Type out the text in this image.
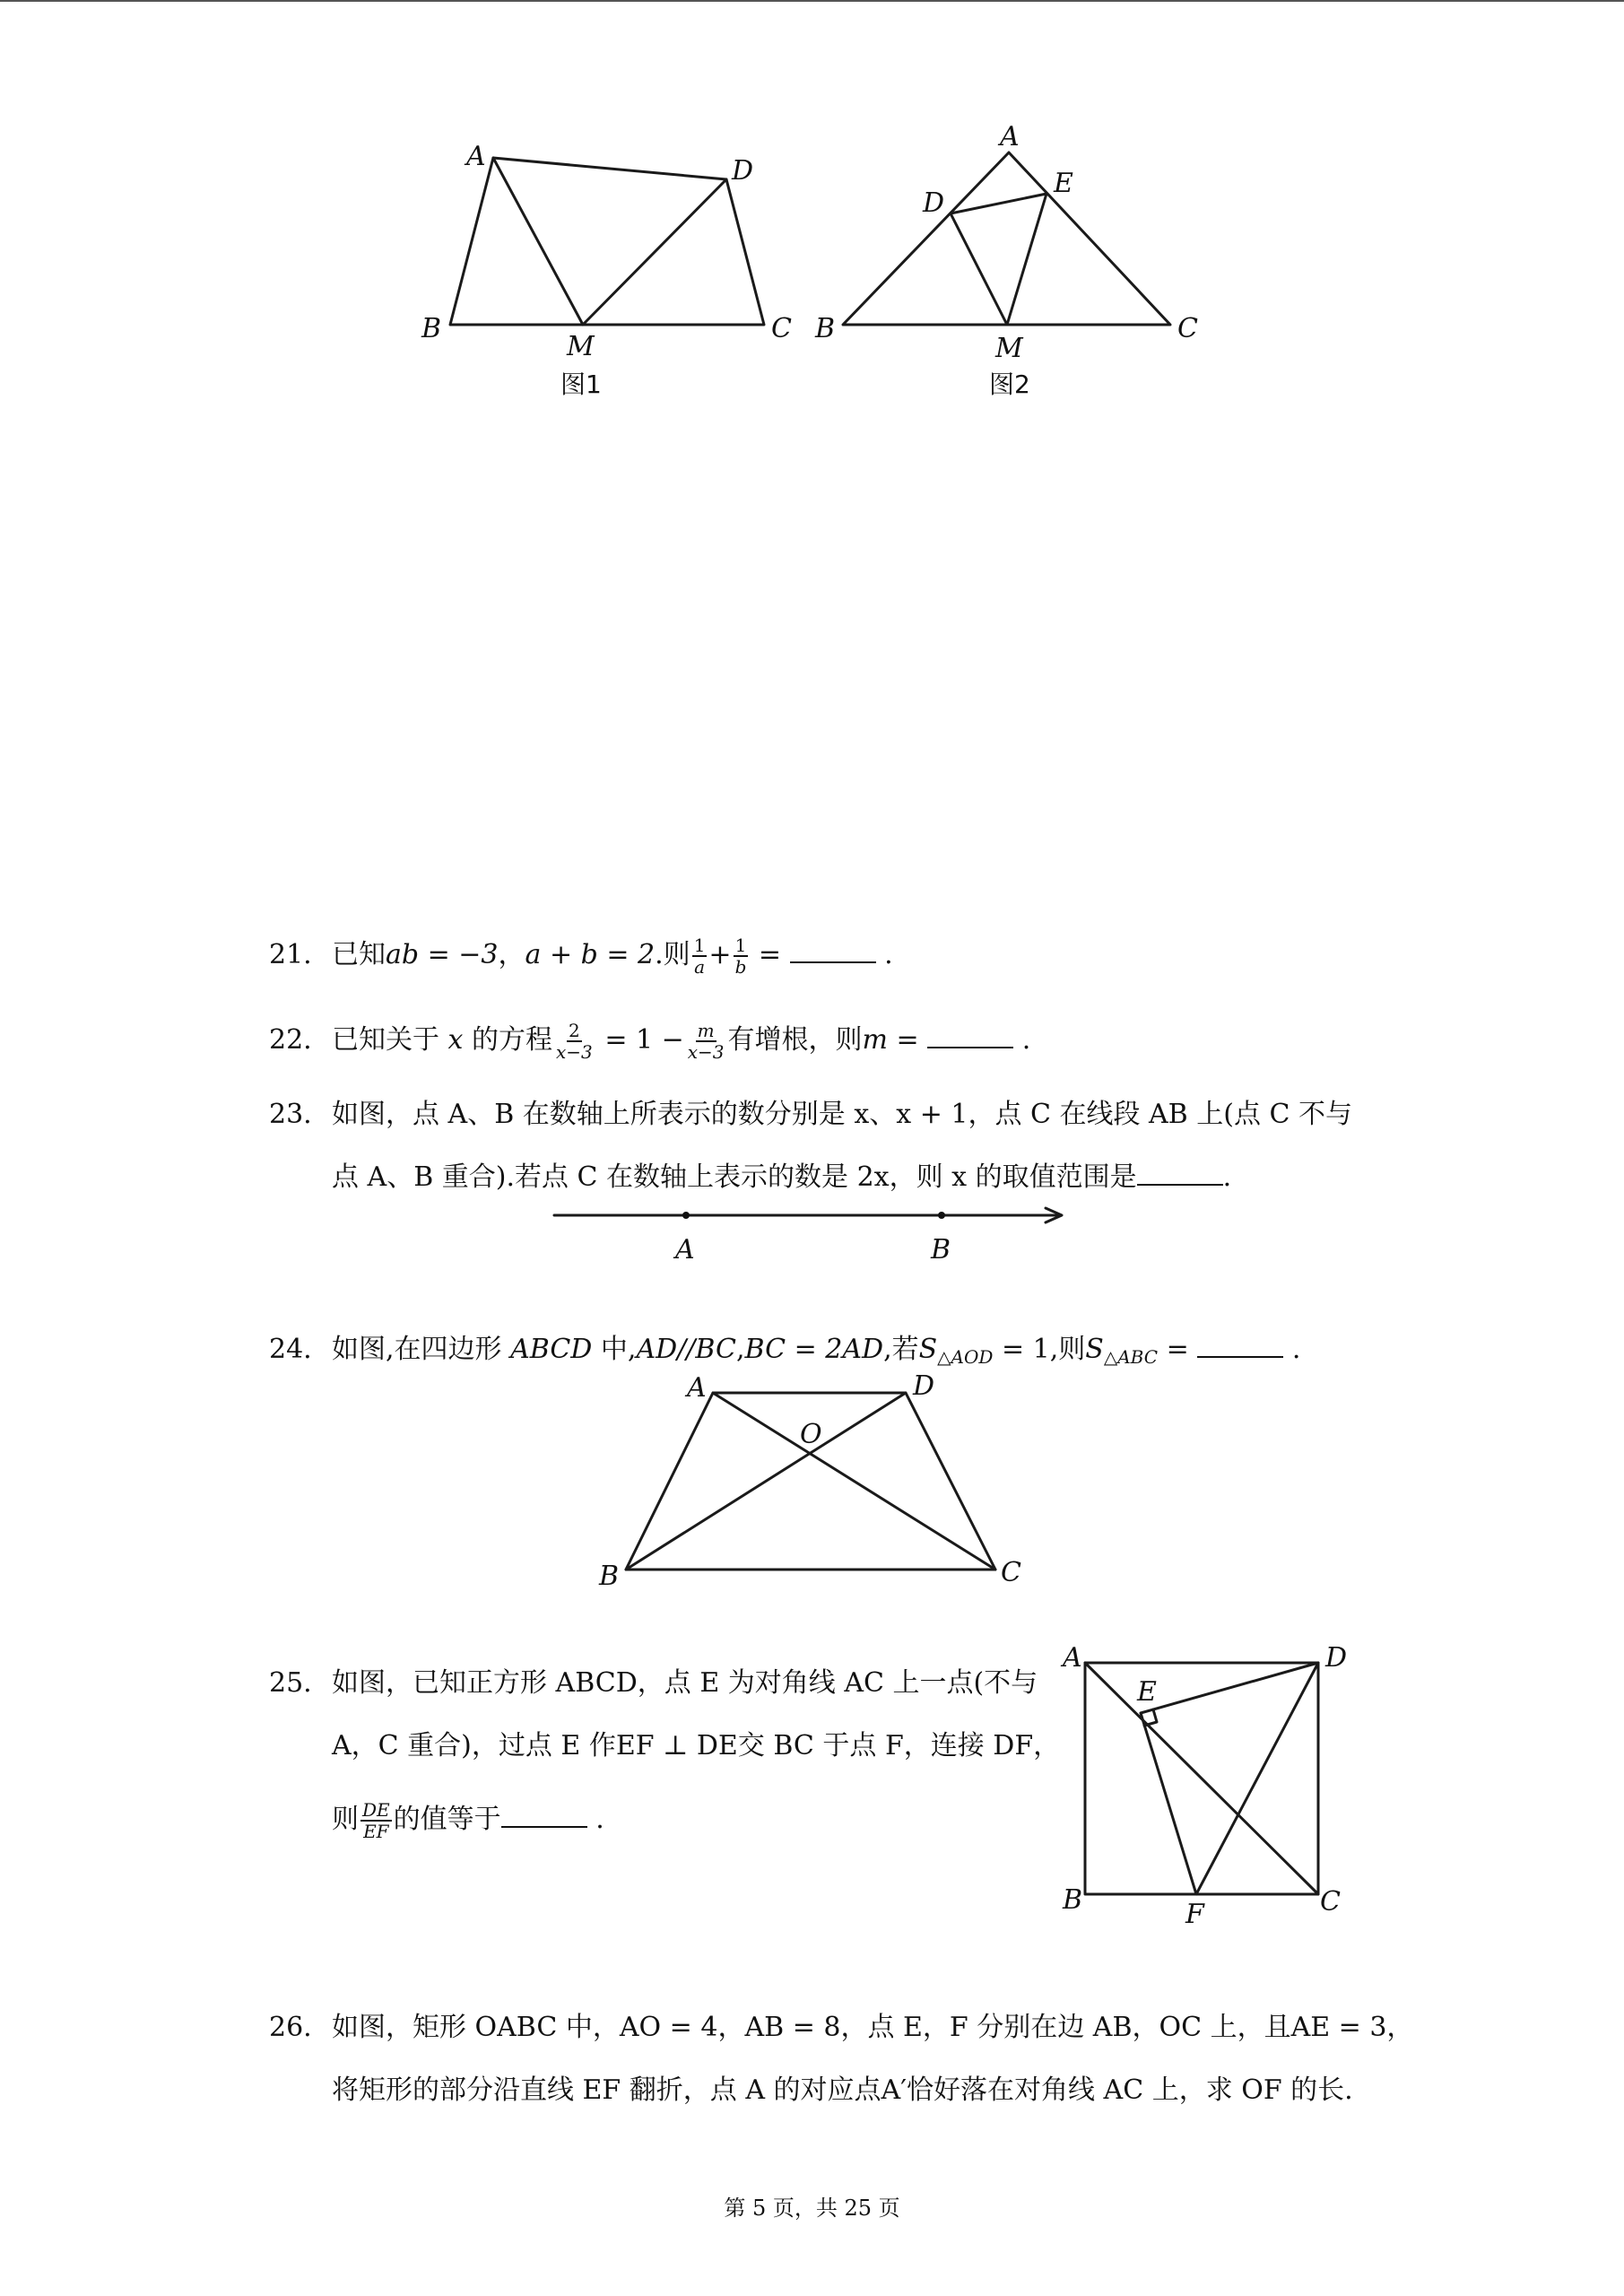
A	D
B	C
M
图1
A
D
E
B	C
M
图2
21. 已知ab = −3，a + b = 2.则 $\frac{1}{a} + \frac{1}{b}$ =	.
22. 已知关于 x 的方程 $\frac{2}{x-3} = 1 - \frac{m}{x-3}$ 有增根，则m =	.
23. 如图，点 A、B 在数轴上所表示的数分别是 x、x + 1，点 C 在线段 AB 上(点 C 不与
点 A、B 重合).若点 C 在数轴上表示的数是 2x，则 x 的取值范围是	.
A	B
24. 如图,在四边形 ABCD 中,AD//BC,BC = 2AD,若$S_{\triangle AOD} = 1$,则$S_{\triangle ABC}$ =	.
A	D
O
B	C
25. 如图，已知正方形 ABCD，点 E 为对角线 AC 上一点(不与
A，C 重合)，过点 E 作EF ⊥ DE交 BC 于点 F，连接 DF，
则 $\frac{DE}{EF}$ 的值等于	.
A	D
E
B	F	C
26. 如图，矩形 OABC 中，AO = 4，AB = 8，点 E，F 分别在边 AB，OC 上，且AE = 3，
将矩形的部分沿直线 EF 翻折，点 A 的对应点A′恰好落在对角线 AC 上，求 OF 的长.
第 5 页，共 25 页
